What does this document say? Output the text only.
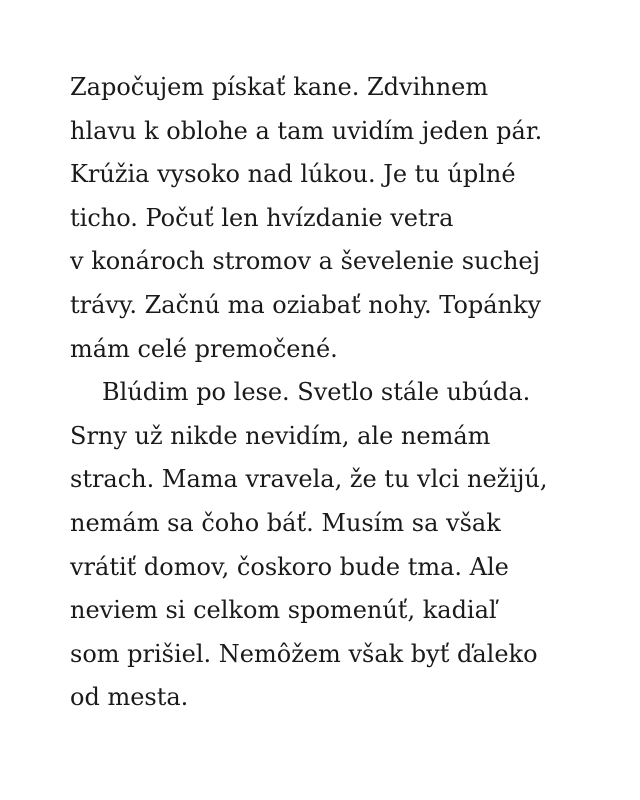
Započujem pískať kane. Zdvihnem
hlavu k oblohe a tam uvidím jeden pár.
Krúžia vysoko nad lúkou. Je tu úplné
ticho. Počuť len hvízdanie vetra
v konároch stromov a ševelenie suchej
trávy. Začnú ma oziabať nohy. Topánky
mám celé premočené.
Blúdim po lese. Svetlo stále ubúda.
Srny už nikde nevidím, ale nemám
strach. Mama vravela, že tu vlci nežijú,
nemám sa čoho báť. Musím sa však
vrátiť domov, čoskoro bude tma. Ale
neviem si celkom spomenúť, kadiaľ
som prišiel. Nemôžem však byť ďaleko
od mesta.
